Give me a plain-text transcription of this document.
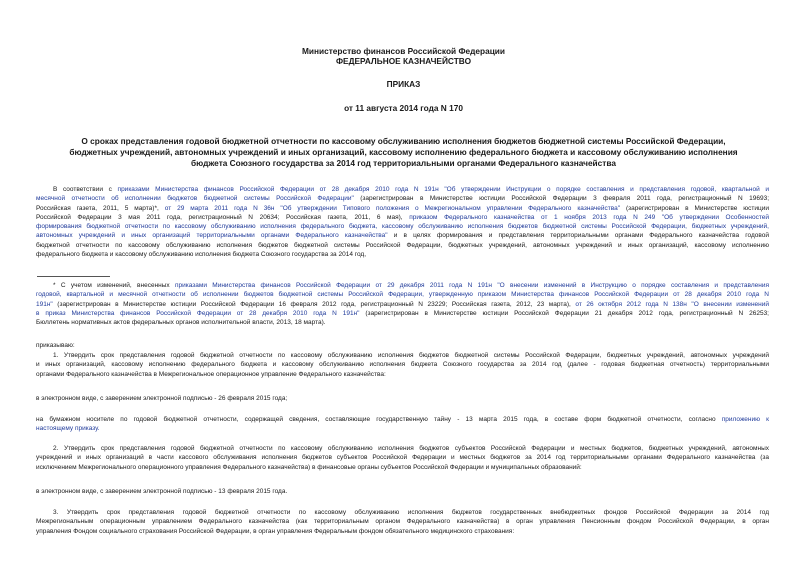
Министерство финансов Российской Федерации
ФЕДЕРАЛЬНОЕ КАЗНАЧЕЙСТВО
ПРИКАЗ
от 11 августа 2014 года N 170
О сроках представления годовой бюджетной отчетности по кассовому обслуживанию исполнения бюджетов бюджетной системы Российской Федерации,
бюджетных учреждений, автономных учреждений и иных организаций, кассовому исполнению федерального бюджета и кассовому обслуживанию исполнения
бюджета Союзного государства за 2014 год территориальными органами Федерального казначейства
В соответствии с приказами Министерства финансов Российской Федерации от 28 декабря 2010 года N 191н "Об утверждении Инструкции о порядке составления и представления годовой, квартальной и
месячной отчетности об исполнении бюджетов бюджетной системы Российской Федерации" (зарегистрирован в Министерстве юстиции Российской Федерации 3 февраля 2011 года, регистрационный N 19693;
Российская газета, 2011, 5 марта)*, от 29 марта 2011 года N 36н "Об утверждении Типового положения о Межрегиональном управлении Федерального казначейства" (зарегистрирован в Министерстве юстиции
Российской Федерации 3 мая 2011 года, регистрационный N 20634; Российская газета, 2011, 6 мая), приказом Федерального казначейства от 1 ноября 2013 года N 249 "Об утверждении Особенностей
формирования бюджетной отчетности по кассовому обслуживанию исполнения федерального бюджета, кассовому обслуживанию исполнения бюджетов бюджетной системы Российской Федерации, бюджетных учреждений,
автономных учреждений и иных организаций территориальными органами Федерального казначейства" и в целях формирования и представления территориальными органами Федерального казначейства годовой
бюджетной отчетности по кассовому обслуживанию исполнения бюджетов бюджетной системы Российской Федерации, бюджетных учреждений, автономных учреждений и иных организаций, кассовому исполнению
федерального бюджета и кассовому обслуживанию исполнения бюджета Союзного государства за 2014 год,
* С учетом изменений, внесенных приказами Министерства финансов Российской Федерации от 29 декабря 2011 года N 191н "О внесении изменений в Инструкцию о порядке составления и представления
годовой, квартальной и месячной отчетности об исполнении бюджетов бюджетной системы Российской Федерации, утвержденную приказом Министерства финансов Российской Федерации от 28 декабря 2010 года N
191н" (зарегистрирован в Министерстве юстиции Российской Федерации 16 февраля 2012 года, регистрационный N 23229; Российская газета, 2012, 23 марта), от 26 октября 2012 года N 138н "О внесении изменений
в приказ Министерства финансов Российской Федерации от 28 декабря 2010 года N 191н" (зарегистрирован в Министерстве юстиции Российской Федерации 21 декабря 2012 года, регистрационный N 26253;
Бюллетень нормативных актов федеральных органов исполнительной власти, 2013, 18 марта).
приказываю:
1. Утвердить срок представления годовой бюджетной отчетности по кассовому обслуживанию исполнения бюджетов бюджетной системы Российской Федерации, бюджетных учреждений, автономных учреждений
и иных организаций, кассовому исполнению федерального бюджета и кассовому обслуживанию исполнения бюджета Союзного государства за 2014 год (далее - годовая бюджетная отчетность) территориальными
органами Федерального казначейства в Межрегиональное операционное управление Федерального казначейства:
в электронном виде, с заверением электронной подписью - 26 февраля 2015 года;
на бумажном носителе по годовой бюджетной отчетности, содержащей сведения, составляющие государственную тайну - 13 марта 2015 года, в составе форм бюджетной отчетности, согласно приложению к
настоящему приказу.
2. Утвердить срок представления годовой бюджетной отчетности по кассовому обслуживанию исполнения бюджетов субъектов Российской Федерации и местных бюджетов, бюджетных учреждений, автономных
учреждений и иных организаций в части кассового обслуживания исполнения бюджетов субъектов Российской Федерации и местных бюджетов за 2014 год территориальными органами Федерального казначейства (за
исключением Межрегионального операционного управления Федерального казначейства) в финансовые органы субъектов Российской Федерации и муниципальных образований:
в электронном виде, с заверением электронной подписью - 13 февраля 2015 года.
3. Утвердить срок представления годовой бюджетной отчетности по кассовому обслуживанию исполнения бюджетов государственных внебюджетных фондов Российской Федерации за 2014 год
Межрегиональным операционным управлением Федерального казначейства (как территориальным органом Федерального казначейства) в орган управления Пенсионным фондом Российской Федерации, в орган
управления Фондом социального страхования Российской Федерации, в орган управления Федеральным фондом обязательного медицинского страхования:
